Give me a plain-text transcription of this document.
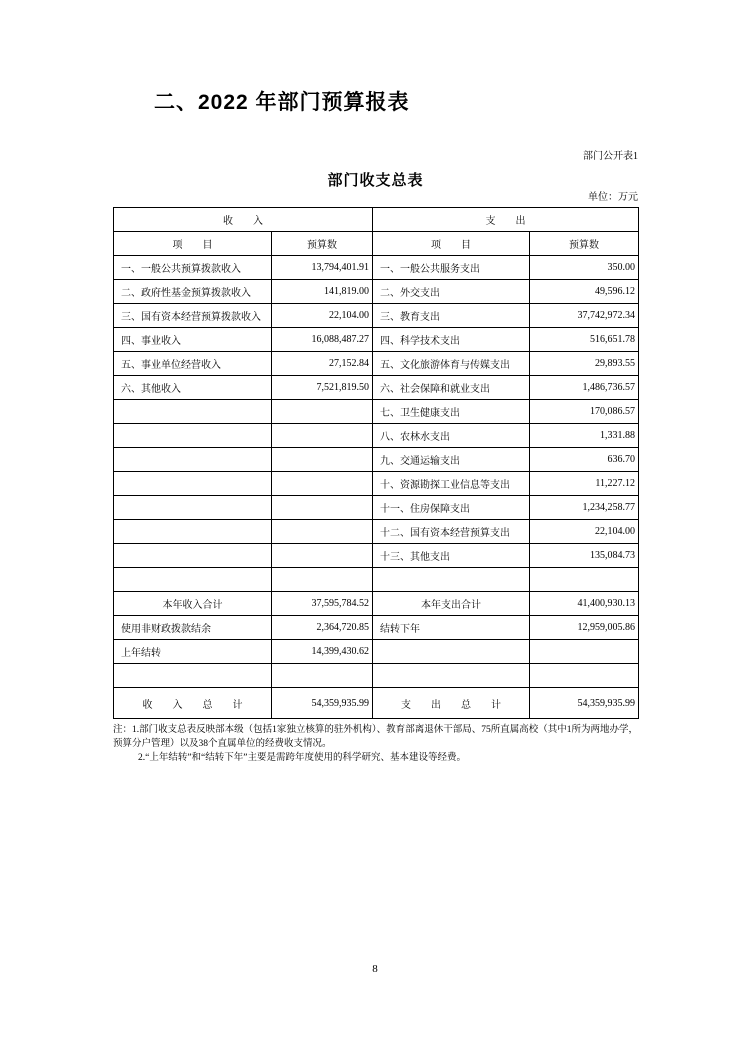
二、2022 年部门预算报表
部门公开表1
部门收支总表
单位：万元
收　　入		支　　出	
项　　目	预算数	项　　目	预算数
一、一般公共预算拨款收入	13,794,401.91	一、一般公共服务支出	350.00
二、政府性基金预算拨款收入	141,819.00	二、外交支出	49,596.12
三、国有资本经营预算拨款收入	22,104.00	三、教育支出	37,742,972.34
四、事业收入	16,088,487.27	四、科学技术支出	516,651.78
五、事业单位经营收入	27,152.84	五、文化旅游体育与传媒支出	29,893.55
六、其他收入	7,521,819.50	六、社会保障和就业支出	1,486,736.57
		七、卫生健康支出	170,086.57
		八、农林水支出	1,331.88
		九、交通运输支出	636.70
		十、资源勘探工业信息等支出	11,227.12
		十一、住房保障支出	1,234,258.77
		十二、国有资本经营预算支出	22,104.00
		十三、其他支出	135,084.73

本年收入合计	37,595,784.52	本年支出合计	41,400,930.13
使用非财政拨款结余	2,364,720.85	结转下年	12,959,005.86
上年结转	14,399,430.62		

收　　入　　总　　计	54,359,935.99	支　　出　　总　　计	54,359,935.99

注：1.部门收支总表反映部本级（包括1家独立核算的驻外机构）、教育部离退休干部局、75所直属高校（其中1所为两地办学，预算分户管理）以及38个直属单位的经费收支情况。

2.“上年结转”和“结转下年”主要是需跨年度使用的科学研究、基本建设等经费。

8
